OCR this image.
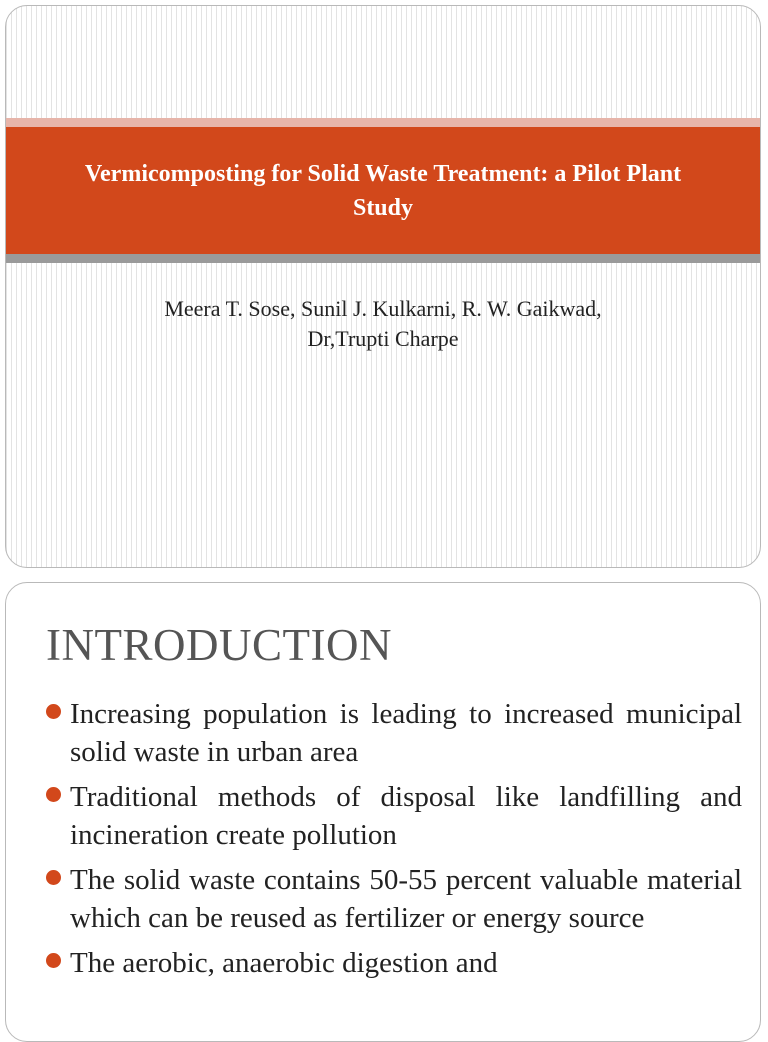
Vermicomposting for Solid Waste Treatment: a Pilot Plant Study

Meera T. Sose, Sunil J. Kulkarni, R. W. Gaikwad,
Dr,Trupti Charpe
INTRODUCTION
Increasing population is leading to increased municipal solid waste in urban area
Traditional methods of disposal like landfilling and incineration create pollution
The solid waste contains 50-55 percent valuable material which can be reused as fertilizer or energy source
The aerobic, anaerobic digestion and
